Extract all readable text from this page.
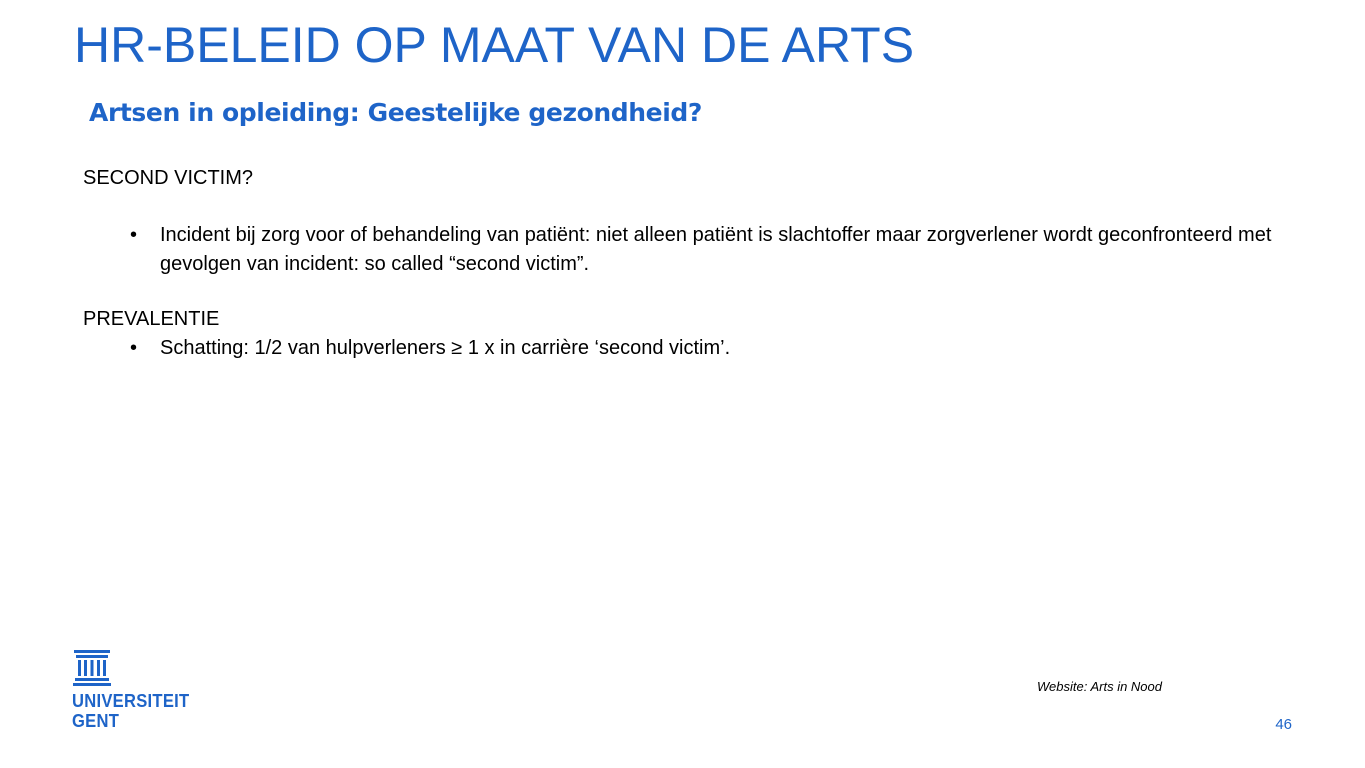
HR-BELEID OP MAAT VAN DE ARTS
Artsen in opleiding: Geestelijke gezondheid?

SECOND VICTIM?

• Incident bij zorg voor of behandeling van patiënt: niet alleen patiënt is slachtoffer maar zorgverlener wordt geconfronteerd met gevolgen van incident: so called “second victim”.

PREVALENTIE

• Schatting: 1/2 van hulpverleners ≥ 1 x in carrière ‘second victim’.
UNIVERSITEIT
GENT
Website: Arts in Nood
46
